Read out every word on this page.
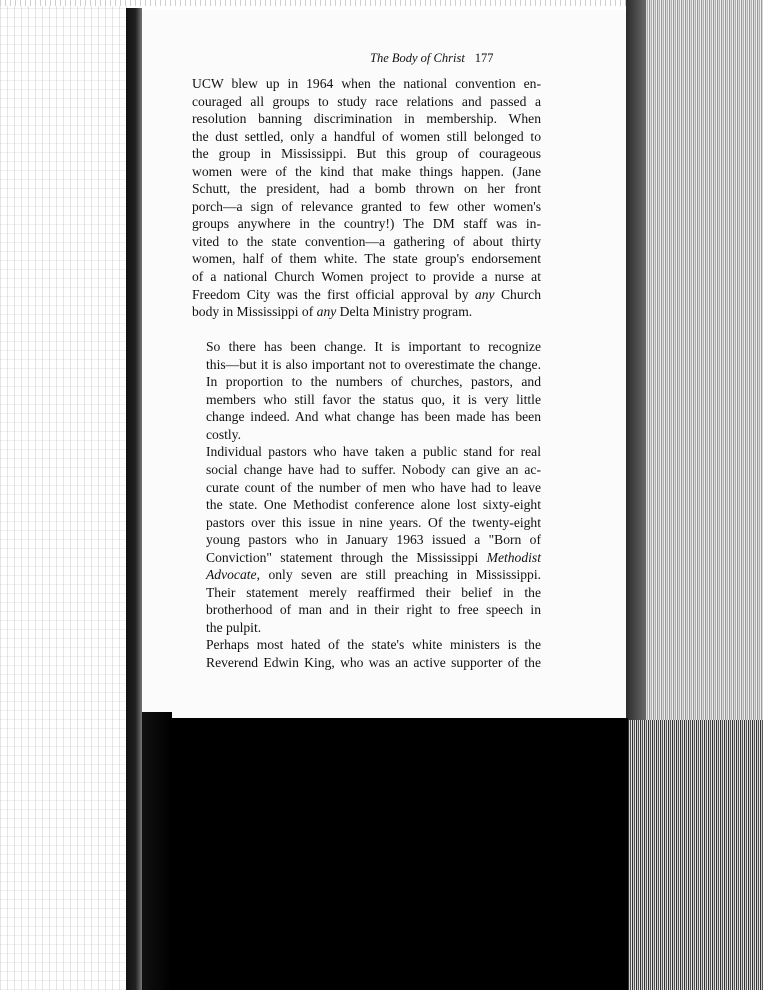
The Body of Christ 177
UCW blew up in 1964 when the national convention en-
couraged all groups to study race relations and passed a
resolution banning discrimination in membership. When
the dust settled, only a handful of women still belonged to
the group in Mississippi. But this group of courageous
women were of the kind that make things happen. (Jane
Schutt, the president, had a bomb thrown on her front
porch—a sign of relevance granted to few other women's
groups anywhere in the country!) The DM staff was in-
vited to the state convention—a gathering of about thirty
women, half of them white. The state group's endorsement
of a national Church Women project to provide a nurse at
Freedom City was the first official approval by any Church
body in Mississippi of any Delta Ministry program.
So there has been change. It is important to recognize
this—but it is also important not to overestimate the change.
In proportion to the numbers of churches, pastors, and
members who still favor the status quo, it is very little
change indeed. And what change has been made has been
costly.
Individual pastors who have taken a public stand for real
social change have had to suffer. Nobody can give an ac-
curate count of the number of men who have had to leave
the state. One Methodist conference alone lost sixty-eight
pastors over this issue in nine years. Of the twenty-eight
young pastors who in January 1963 issued a "Born of
Conviction" statement through the Mississippi Methodist
Advocate, only seven are still preaching in Mississippi.
Their statement merely reaffirmed their belief in the
brotherhood of man and in their right to free speech in
the pulpit.
Perhaps most hated of the state's white ministers is the
Reverend Edwin King, who was an active supporter of the
